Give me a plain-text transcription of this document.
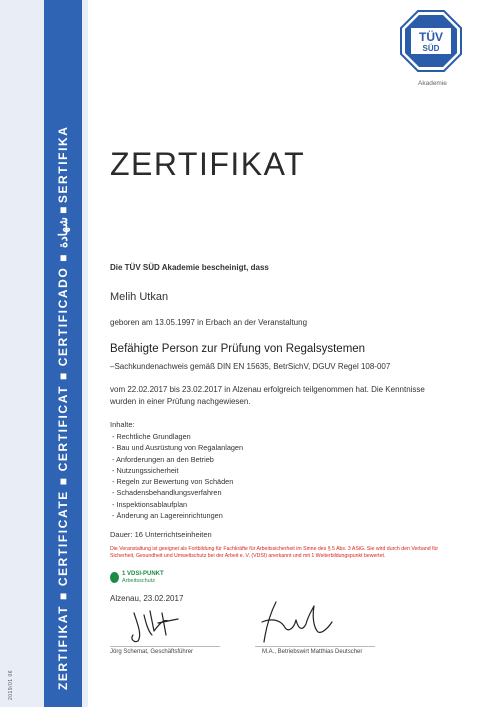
ZERTIFIKAT ■ CERTIFICATE ■ CERTIFICAT ■ CERTIFICADO ■ شهادة ■ SERTIFIKA
2019/01 06
TÜV
SÜD
Akademie
ZERTIFIKAT
Die TÜV SÜD Akademie bescheinigt, dass
Melih Utkan
geboren am 13.05.1997 in Erbach an der Veranstaltung
Befähigte Person zur Prüfung von Regalsystemen
–Sachkundenachweis gemäß DIN EN 15635, BetrSichV, DGUV Regel 108-007
vom 22.02.2017 bis 23.02.2017 in Alzenau erfolgreich teilgenommen hat. Die Kenntnisse wurden in einer Prüfung nachgewiesen.
Inhalte:
- Rechtliche Grundlagen
- Bau und Ausrüstung von Regalanlagen
- Anforderungen an den Betrieb
- Nutzungssicherheit
- Regeln zur Bewertung von Schäden
- Schadensbehandlungsverfahren
- Inspektionsablaufplan
- Änderung an Lagereinrichtungen
Dauer: 16 Unterrichtseinheiten
Die Veranstaltung ist geeignet als Fortbildung für Fachkräfte für Arbeitssicherheit im Sinne des § 5 Abs. 3 ASiG. Sie wird durch den Verband für Sicherheit, Gesundheit und Umweltschutz bei der Arbeit e. V. (VDSI) anerkannt und mit 1 Weiterbildungspunkt bewertet.
1 VDSI-PUNKT
Arbeitsschutz
Alzenau, 23.02.2017
Jörg Schemat, Geschäftsführer	M.A., Betriebswirt Matthias Deutscher
